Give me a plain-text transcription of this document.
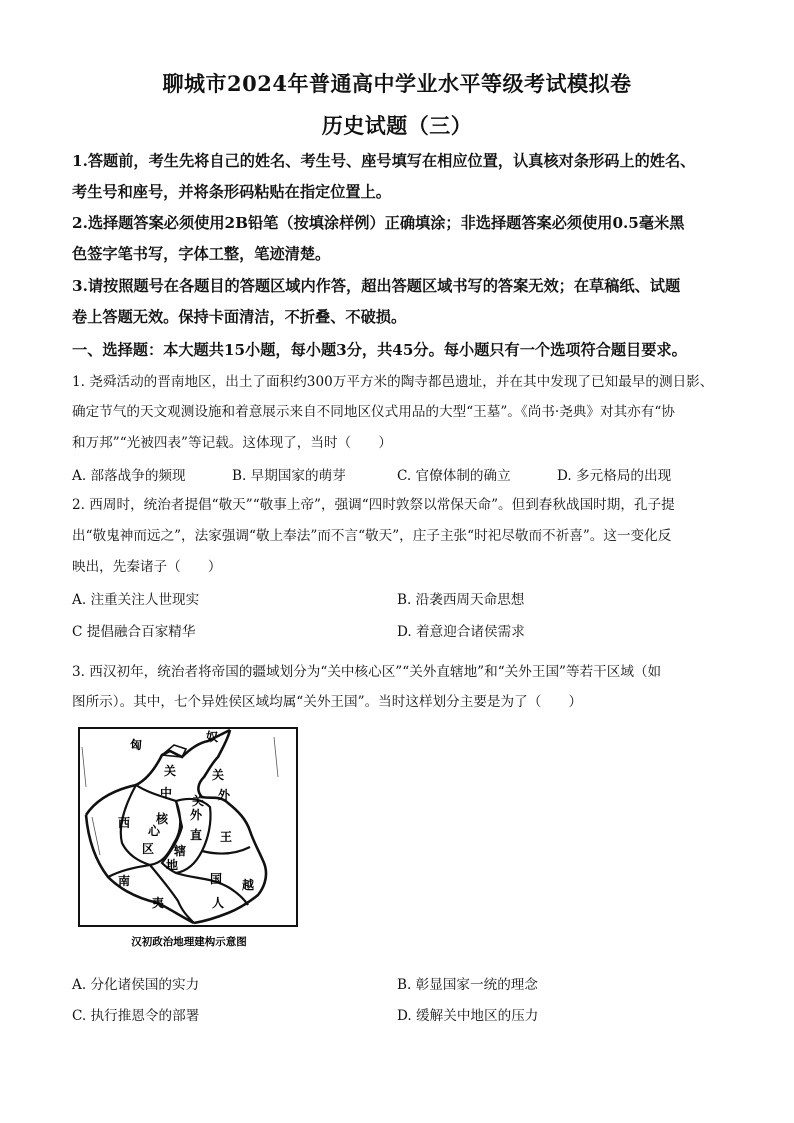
聊城市2024年普通高中学业水平等级考试模拟卷
历史试题（三）
1.答题前，考生先将自己的姓名、考生号、座号填写在相应位置，认真核对条形码上的姓名、
考生号和座号，并将条形码粘贴在指定位置上。
2.选择题答案必须使用2B铅笔（按填涂样例）正确填涂；非选择题答案必须使用0.5毫米黑
色签字笔书写，字体工整，笔迹清楚。
3.请按照题号在各题目的答题区域内作答，超出答题区域书写的答案无效；在草稿纸、试题
卷上答题无效。保持卡面清洁，不折叠、不破损。
一、选择题：本大题共15小题，每小题3分，共45分。每小题只有一个选项符合题目要求。
1. 尧舜活动的晋南地区，出土了面积约300万平方米的陶寺都邑遗址，并在其中发现了已知最早的测日影、
确定节气的天文观测设施和着意展示来自不同地区仪式用品的大型“王墓”。《尚书·尧典》对其亦有“协
和万邦”“光被四表”等记载。这体现了，当时（　　）
A. 部落战争的频现	B. 早期国家的萌芽	C. 官僚体制的确立	D. 多元格局的出现
2. 西周时，统治者提倡“敬天”“敬事上帝”，强调“四时敦祭以常保天命”。但到春秋战国时期，孔子提
出“敬鬼神而远之”，法家强调“敬上奉法”而不言“敬天”，庄子主张“时祀尽敬而不祈喜”。这一变化反
映出，先秦诸子（　　）
A. 注重关注人世现实	B. 沿袭西周天命思想
C 提倡融合百家精华	D. 着意迎合诸侯需求
3. 西汉初年，统治者将帝国的疆域划分为“关中核心区”“关外直辖地”和“关外王国”等若干区域（如
图所示）。其中，七个异姓侯区域均属“关外王国”。当时这样划分主要是为了（　　）
匈
奴
关
中
核
心
区
西
南
夷
关
外
直
辖
地
关
外
王
国 越
人
汉初政治地理建构示意图
A. 分化诸侯国的实力	B. 彰显国家一统的理念
C. 执行推恩令的部署	D. 缓解关中地区的压力
